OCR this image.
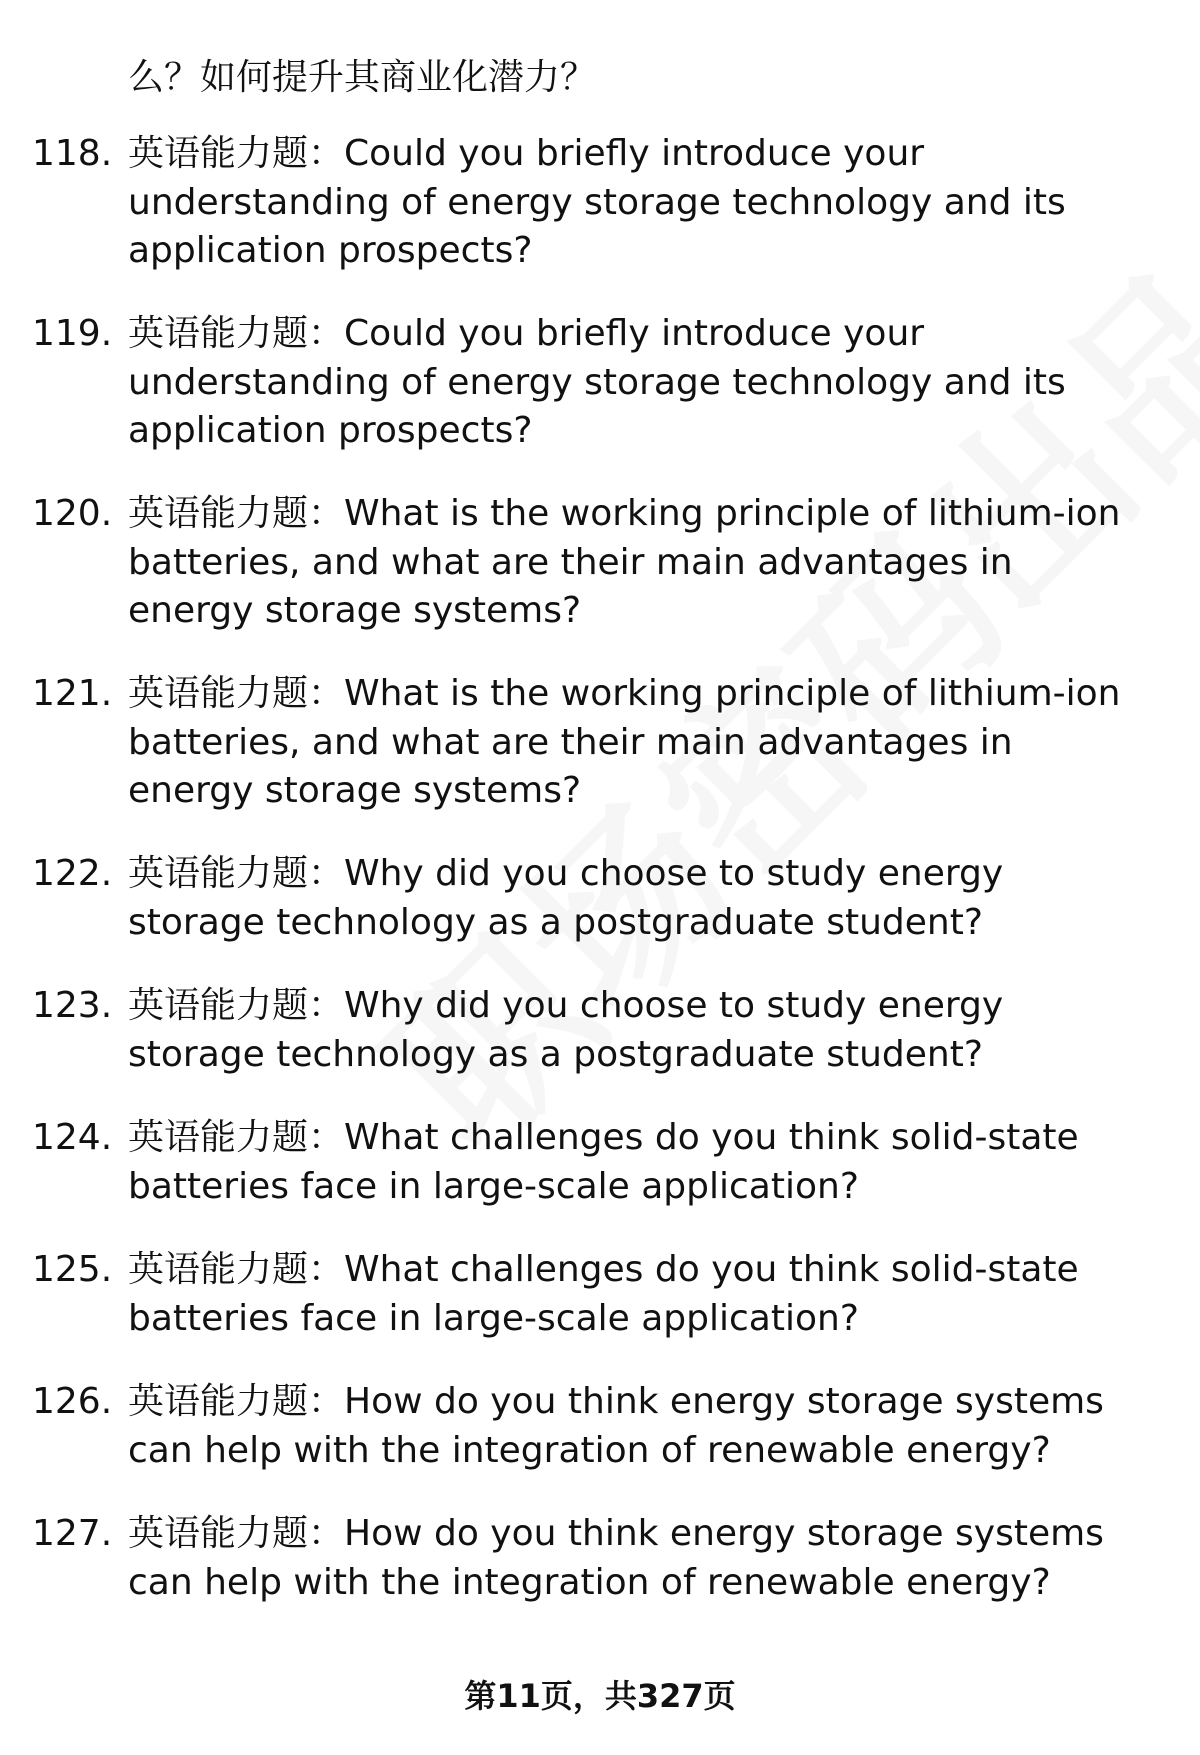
么？如何提升其商业化潜力？
118. 英语能力题：Could you briefly introduce your understanding of energy storage technology and its application prospects?
119. 英语能力题：Could you briefly introduce your understanding of energy storage technology and its application prospects?
120. 英语能力题：What is the working principle of lithium-ion batteries, and what are their main advantages in energy storage systems?
121. 英语能力题：What is the working principle of lithium-ion batteries, and what are their main advantages in energy storage systems?
122. 英语能力题：Why did you choose to study energy storage technology as a postgraduate student?
123. 英语能力题：Why did you choose to study energy storage technology as a postgraduate student?
124. 英语能力题：What challenges do you think solid-state batteries face in large-scale application?
125. 英语能力题：What challenges do you think solid-state batteries face in large-scale application?
126. 英语能力题：How do you think energy storage systems can help with the integration of renewable energy?
127. 英语能力题：How do you think energy storage systems can help with the integration of renewable energy?
第11页，共327页
